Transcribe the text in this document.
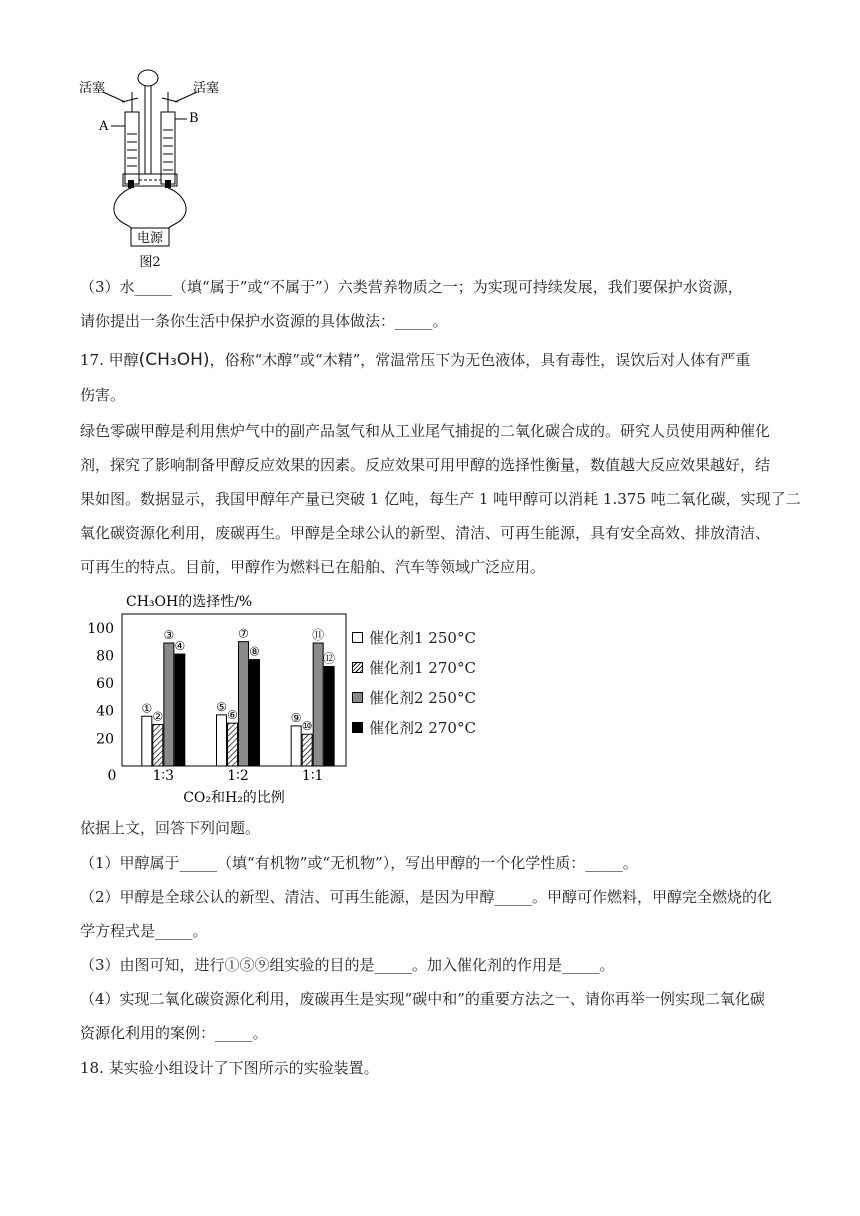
活塞	活塞
A
B
电源
图2
（3）水_____（填“属于”或“不属于”）六类营养物质之一；为实现可持续发展，我们要保护水资源，
请你提出一条你生活中保护水资源的具体做法：_____。
17. 甲醇(CH₃OH)，俗称“木醇”或“木精”，常温常压下为无色液体，具有毒性，误饮后对人体有严重
伤害。
绿色零碳甲醇是利用焦炉气中的副产品氢气和从工业尾气捕捉的二氧化碳合成的。研究人员使用两种催化
剂，探究了影响制备甲醇反应效果的因素。反应效果可用甲醇的选择性衡量，数值越大反应效果越好，结
果如图。数据显示，我国甲醇年产量已突破 1 亿吨，每生产 1 吨甲醇可以消耗 1.375 吨二氧化碳，实现了二
氧化碳资源化利用，废碳再生。甲醇是全球公认的新型、清洁、可再生能源，具有安全高效、排放清洁、
可再生的特点。目前，甲醇作为燃料已在船舶、汽车等领域广泛应用。
CH₃OH的选择性/%
20
40
60
80
100
①
②
③
④
⑤
⑥
⑦
⑧
⑨
⑩
⑪
⑫
1∶3	1∶2	1∶1
0
CO₂和H₂的比例
催化剂1 250°C
催化剂1 270°C
催化剂2 250°C
催化剂2 270°C
依据上文，回答下列问题。
（1）甲醇属于_____（填“有机物”或“无机物”），写出甲醇的一个化学性质：_____。
（2）甲醇是全球公认的新型、清洁、可再生能源，是因为甲醇_____。甲醇可作燃料，甲醇完全燃烧的化
学方程式是_____。
（3）由图可知，进行①⑤⑨组实验的目的是_____。加入催化剂的作用是_____。
（4）实现二氧化碳资源化利用，废碳再生是实现“碳中和”的重要方法之一、请你再举一例实现二氧化碳
资源化利用的案例：_____。
18. 某实验小组设计了下图所示的实验装置。
